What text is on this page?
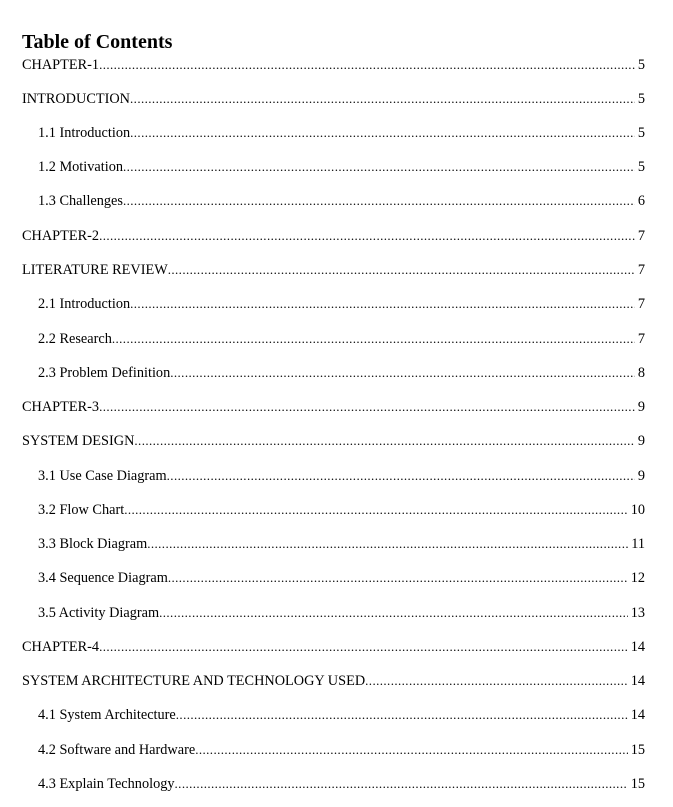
Table of Contents
CHAPTER-1 .....	5
INTRODUCTION .....	5
1.1 Introduction .....	5
1.2 Motivation .....	5
1.3 Challenges .....	6
CHAPTER-2 .....	7
LITERATURE REVIEW .....	7
2.1 Introduction .....	7
2.2 Research .....	7
2.3 Problem Definition .....	8
CHAPTER-3 .....	9
SYSTEM DESIGN .....	9
3.1 Use Case Diagram .....	9
3.2 Flow Chart .....	10
3.3 Block Diagram .....	11
3.4 Sequence Diagram .....	12
3.5 Activity Diagram .....	13
CHAPTER-4 .....	14
SYSTEM ARCHITECTURE AND TECHNOLOGY USED .....	14
4.1 System Architecture .....	14
4.2 Software and Hardware .....	15
4.3 Explain Technology .....	15
